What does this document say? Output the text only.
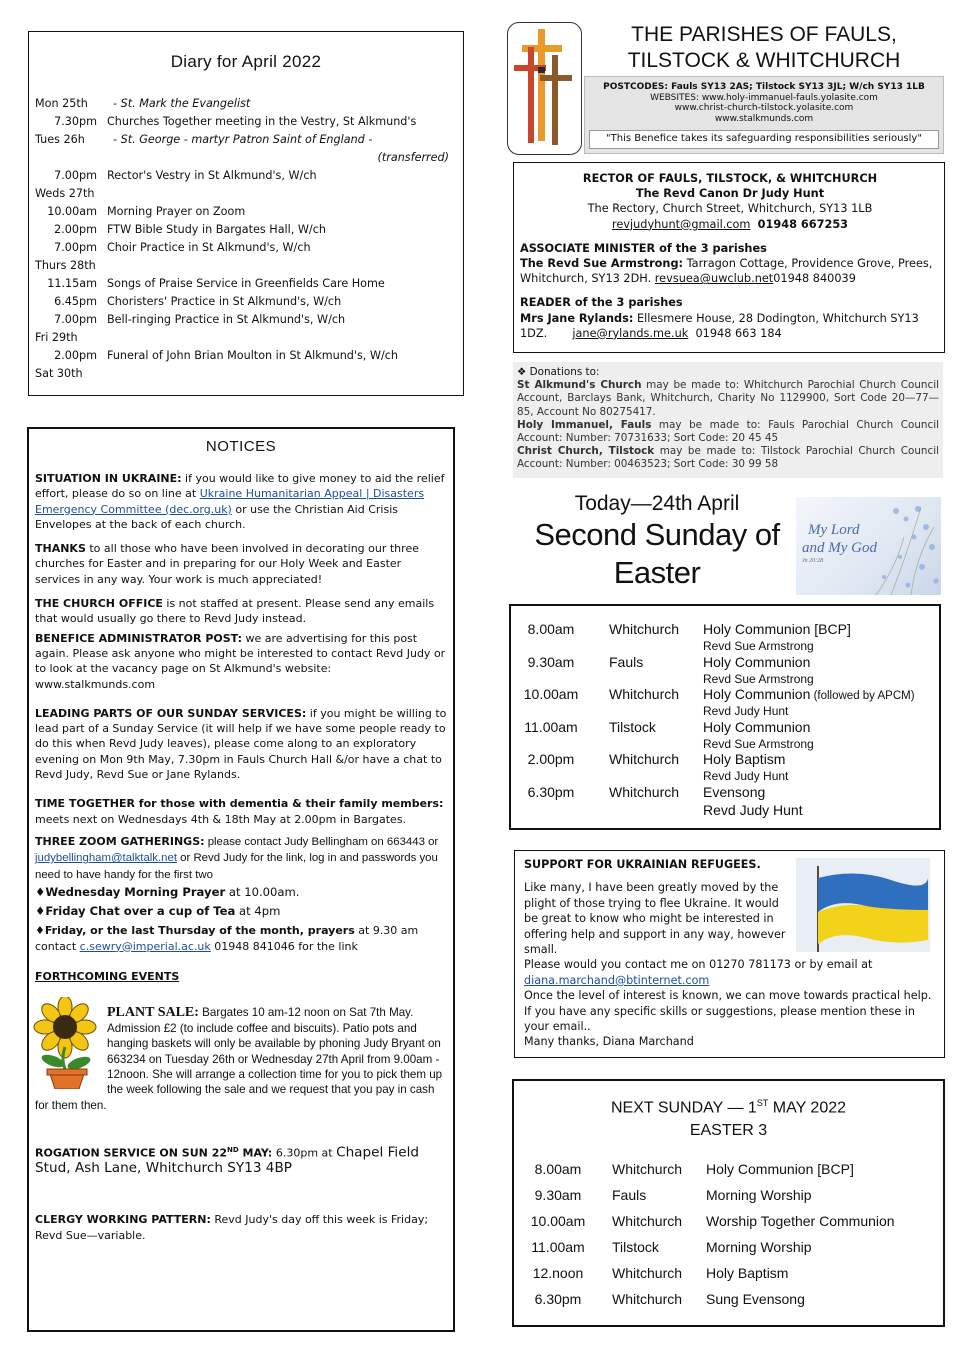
Diary for April 2022
Mon 25th - St. Mark the Evangelist
7.30pm Churches Together meeting in the Vestry, St Alkmund's
Tues 26h	- St. George - martyr Patron Saint of England -
(transferred)
7.00pm Rector's Vestry in St Alkmund's, W/ch
Weds 27th
10.00am Morning Prayer on Zoom
2.00pm FTW Bible Study in Bargates Hall, W/ch
7.00pm Choir Practice in St Alkmund's, W/ch
Thurs 28th
11.15am Songs of Praise Service in Greenfields Care Home
6.45pm Choristers' Practice in St Alkmund's, W/ch
7.00pm Bell-ringing Practice in St Alkmund's, W/ch
Fri 29th
2.00pm Funeral of John Brian Moulton in St Alkmund's, W/ch
Sat 30th
NOTICES

SITUATION IN UKRAINE: if you would like to give money to aid the relief effort, please do so on line at Ukraine Humanitarian Appeal | Disasters Emergency Committee (dec.org.uk) or use the Christian Aid Crisis Envelopes at the back of each church.

THANKS to all those who have been involved in decorating our three churches for Easter and in preparing for our Holy Week and Easter services in any way. Your work is much appreciated!

THE CHURCH OFFICE is not staffed at present. Please send any emails that would usually go there to Revd Judy instead.

BENEFICE ADMINISTRATOR POST: we are advertising for this post again. Please ask anyone who might be interested to contact Revd Judy or to look at the vacancy page on St Alkmund's website: www.stalkmunds.com

LEADING PARTS OF OUR SUNDAY SERVICES: if you might be willing to lead part of a Sunday Service (it will help if we have some people ready to do this when Revd Judy leaves), please come along to an exploratory evening on Mon 9th May, 7.30pm in Fauls Church Hall &/or have a chat to Revd Judy, Revd Sue or Jane Rylands.

TIME TOGETHER for those with dementia & their family members: meets next on Wednesdays 4th & 18th May at 2.00pm in Bargates.

THREE ZOOM GATHERINGS: please contact Judy Bellingham on 663443 or judybellingham@talktalk.net or Revd Judy for the link, log in and passwords you need to have handy for the first two

♦Wednesday Morning Prayer at 10.00am.

♦Friday Chat over a cup of Tea at 4pm

♦Friday, or the last Thursday of the month, prayers at 9.30 am contact c.sewry@imperial.ac.uk 01948 841046 for the link

FORTHCOMING EVENTS

PLANT SALE: Bargates 10 am-12 noon on Sat 7th May. Admission £2 (to include coffee and biscuits). Patio pots and hanging baskets will only be available by phoning Judy Bryant on 663234 on Tuesday 26th or Wednesday 27th April from 9.00am - 12noon. She will arrange a collection time for you to pick them up the week following the sale and we request that you pay in cash for them then.

ROGATION SERVICE ON SUN 22ND MAY: 6.30pm at Chapel Field Stud, Ash Lane, Whitchurch SY13 4BP

CLERGY WORKING PATTERN: Revd Judy's day off this week is Friday; Revd Sue—variable.

THE PARISHES OF FAULS,
TILSTOCK & WHITCHURCH
POSTCODES: Fauls SY13 2AS; Tilstock SY13 3JL; W/ch SY13 1LB
WEBSITES: www.holy-immanuel-fauls.yolasite.com
www.christ-church-tilstock.yolasite.com
www.stalkmunds.com
"This Benefice takes its safeguarding responsibilities seriously"
RECTOR OF FAULS, TILSTOCK, & WHITCHURCH
The Revd Canon Dr Judy Hunt
The Rectory, Church Street, Whitchurch, SY13 1LB
revjudyhunt@gmail.com 01948 667253
ASSOCIATE MINISTER of the 3 parishes
The Revd Sue Armstrong: Tarragon Cottage, Providence Grove, Prees, Whitchurch, SY13 2DH. revsuea@uwclub.net01948 840039
READER of the 3 parishes
Mrs Jane Rylands: Ellesmere House, 28 Dodington, Whitchurch SY13 1DZ.       jane@rylands.me.uk  01948 663 184
❖ Donations to:
St Alkmund's Church may be made to: Whitchurch Parochial Church Council Account, Barclays Bank, Whitchurch, Charity No 1129900, Sort Code 20—77—85, Account No 80275417.
Holy Immanuel, Fauls may be made to: Fauls Parochial Church Council Account: Number: 70731633; Sort Code: 20 45 45
Christ Church, Tilstock may be made to: Tilstock Parochial Church Council Account: Number: 00463523; Sort Code: 30 99 58
Today—24th April
Second Sunday of
Easter
My Lord
and My God
Jn 20:28
8.00am	Whitchurch Holy Communion [BCP]
Revd Sue Armstrong
9.30am	Fauls	Holy Communion
Revd Sue Armstrong
10.00am	Whitchurch Holy Communion (followed by APCM)
Revd Judy Hunt
11.00am	Tilstock	Holy Communion
Revd Sue Armstrong
2.00pm	Whitchurch Holy Baptism
Revd Judy Hunt
6.30pm	Whitchurch Evensong
Revd Judy Hunt
SUPPORT FOR UKRAINIAN REFUGEES.
Like many, I have been greatly moved by the plight of those trying to flee Ukraine. It would be great to know who might be interested in offering help and support in any way, however small.
Please would you contact me on 01270 781173 or by email at diana.marchand@btinternet.com
Once the level of interest is known, we can move towards practical help. If you have any specific skills or suggestions, please mention these in your email..
Many thanks, Diana Marchand
NEXT SUNDAY — 1ST MAY 2022
EASTER 3
8.00am	Whitchurch Holy Communion [BCP]
9.30am	Fauls	Morning Worship
10.00am	Whitchurch Worship Together Communion
11.00am	Tilstock	Morning Worship
12.noon	Whitchurch Holy Baptism
6.30pm	Whitchurch Sung Evensong
